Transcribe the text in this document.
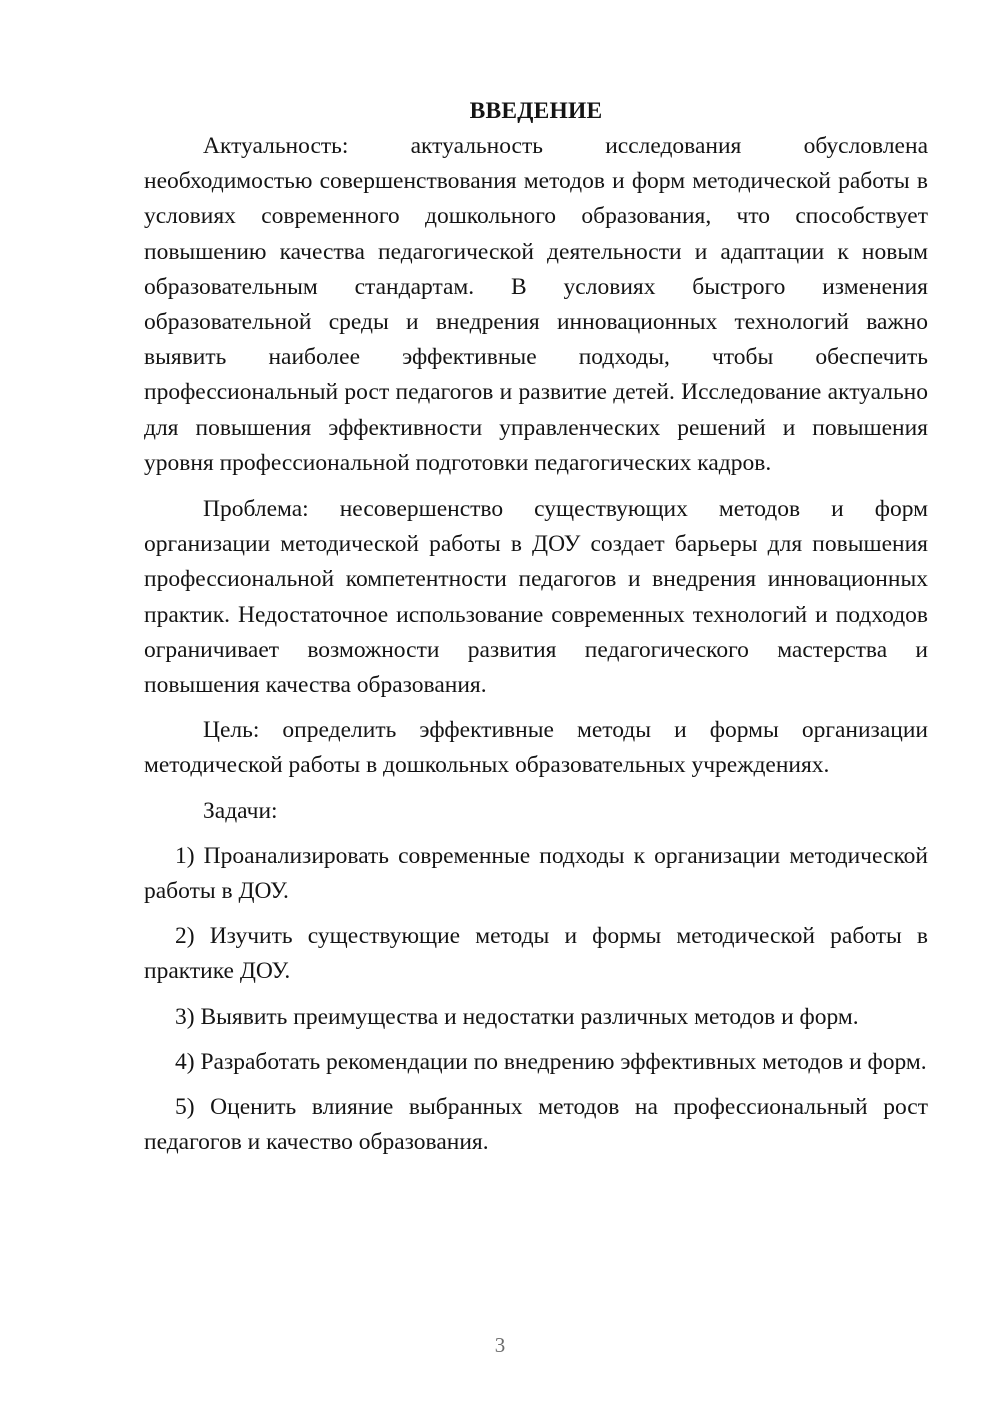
ВВЕДЕНИЕ

Актуальность: актуальность исследования обусловлена необходимостью совершенствования методов и форм методической работы в условиях современного дошкольного образования, что способствует повышению качества педагогической деятельности и адаптации к новым образовательным стандартам. В условиях быстрого изменения образовательной среды и внедрения инновационных технологий важно выявить наиболее эффективные подходы, чтобы обеспечить профессиональный рост педагогов и развитие детей. Исследование актуально для повышения эффективности управленческих решений и повышения уровня профессиональной подготовки педагогических кадров.

Проблема: несовершенство существующих методов и форм организации методической работы в ДОУ создает барьеры для повышения профессиональной компетентности педагогов и внедрения инновационных практик. Недостаточное использование современных технологий и подходов ограничивает возможности развития педагогического мастерства и повышения качества образования.

Цель: определить эффективные методы и формы организации методической работы в дошкольных образовательных учреждениях.

Задачи:

1) Проанализировать современные подходы к организации методической работы в ДОУ.

2) Изучить существующие методы и формы методической работы в практике ДОУ.

3) Выявить преимущества и недостатки различных методов и форм.

4) Разработать рекомендации по внедрению эффективных методов и форм.

5) Оценить влияние выбранных методов на профессиональный рост педагогов и качество образования.

3
